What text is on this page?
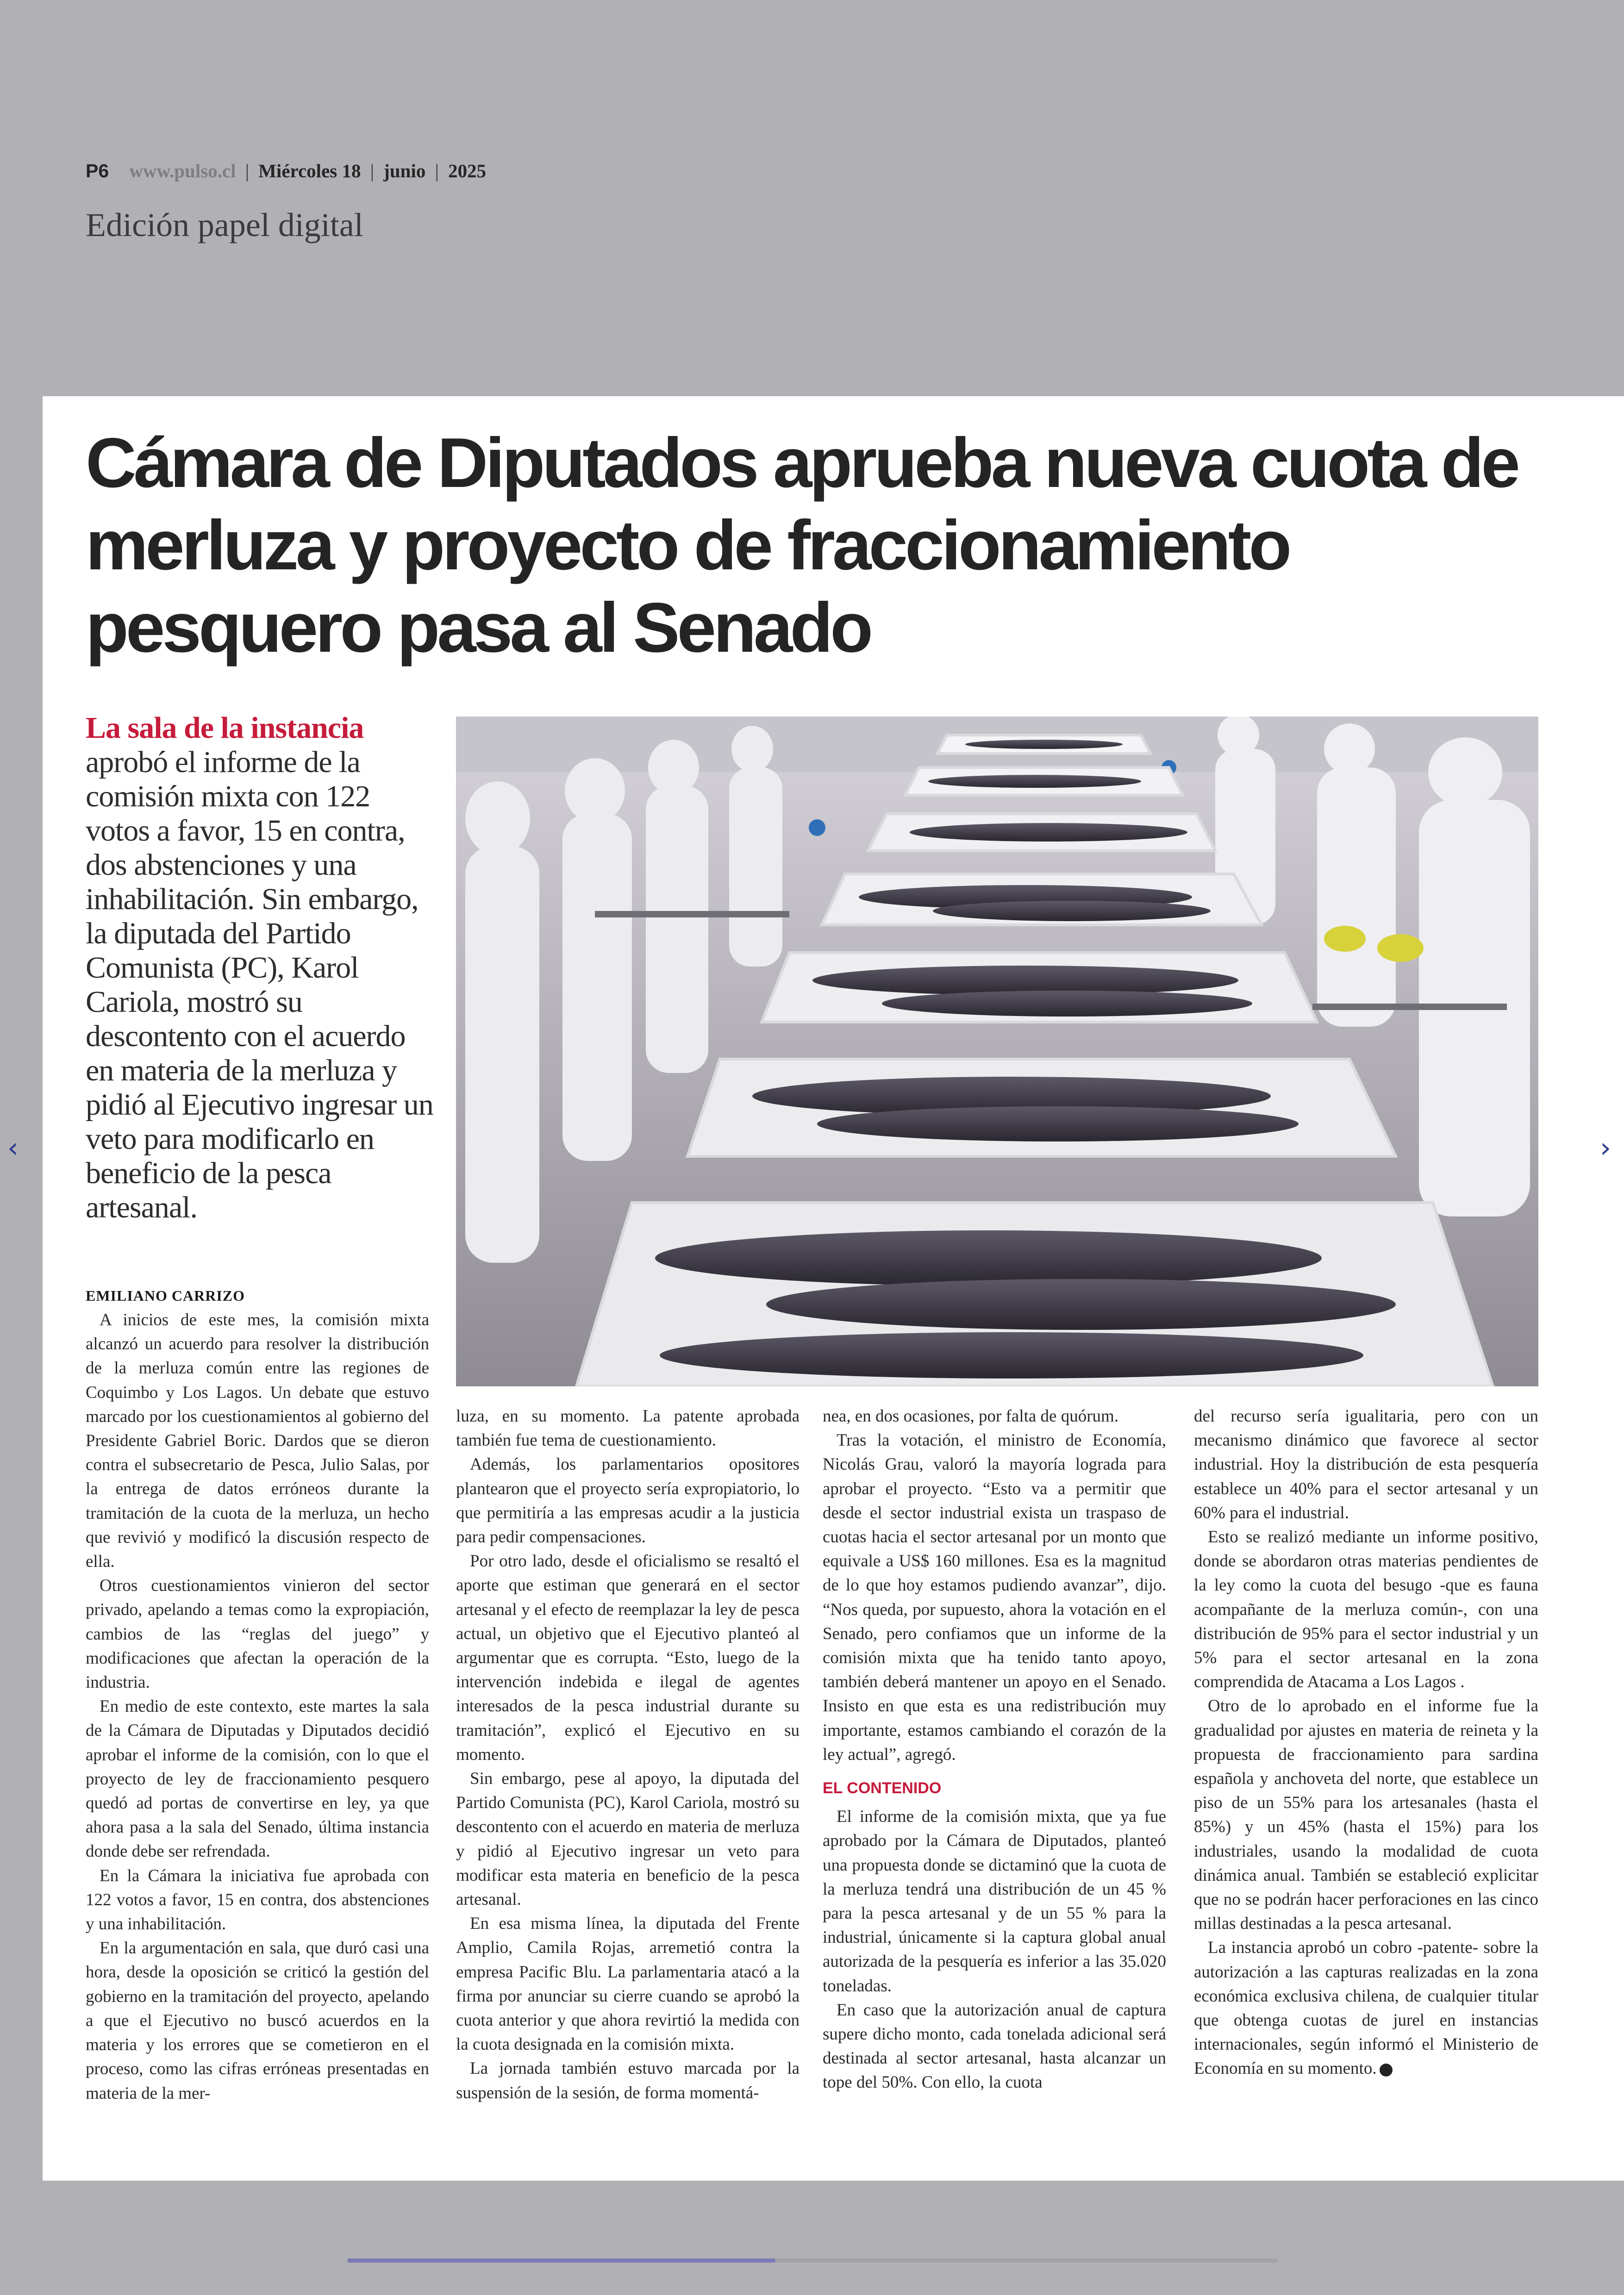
P6 www.pulso.cl | Miércoles 18 | junio | 2025
Edición papel digital
Cámara de Diputados aprueba nueva cuota de merluza y proyecto de fraccionamiento pesquero pasa al Senado
La sala de la instancia aprobó el informe de la comisión mixta con 122 votos a favor, 15 en contra, dos abstenciones y una inhabilitación. Sin embargo, la diputada del Partido Comunista (PC), Karol Cariola, mostró su descontento con el acuerdo en materia de la merluza y pidió al Ejecutivo ingresar un veto para modificarlo en beneficio de la pesca artesanal.
EMILIANO CARRIZO

A inicios de este mes, la comisión mixta alcanzó un acuerdo para resolver la distribución de la merluza común entre las regiones de Coquimbo y Los Lagos. Un debate que estuvo marcado por los cuestionamientos al gobierno del Presidente Gabriel Boric. Dardos que se dieron contra el subsecretario de Pesca, Julio Salas, por la entrega de datos erróneos durante la tramitación de la cuota de la merluza, un hecho que revivió y modificó la discusión respecto de ella.

Otros cuestionamientos vinieron del sector privado, apelando a temas como la expropiación, cambios de las “reglas del juego” y modificaciones que afectan la operación de la industria.

En medio de este contexto, este martes la sala de la Cámara de Diputadas y Diputados decidió aprobar el informe de la comisión, con lo que el proyecto de ley de fraccionamiento pesquero quedó ad portas de convertirse en ley, ya que ahora pasa a la sala del Senado, última instancia donde debe ser refrendada.

En la Cámara la iniciativa fue aprobada con 122 votos a favor, 15 en contra, dos abstenciones y una inhabilitación.

En la argumentación en sala, que duró casi una hora, desde la oposición se criticó la gestión del gobierno en la tramitación del proyecto, apelando a que el Ejecutivo no buscó acuerdos en la materia y los errores que se cometieron en el proceso, como las cifras erróneas presentadas en materia de la mer-

luza, en su momento. La patente aprobada también fue tema de cuestionamiento.

Además, los parlamentarios opositores plantearon que el proyecto sería expropiatorio, lo que permitiría a las empresas acudir a la justicia para pedir compensaciones.

Por otro lado, desde el oficialismo se resaltó el aporte que estiman que generará en el sector artesanal y el efecto de reemplazar la ley de pesca actual, un objetivo que el Ejecutivo planteó al argumentar que es corrupta. “Esto, luego de la intervención indebida e ilegal de agentes interesados de la pesca industrial durante su tramitación”, explicó el Ejecutivo en su momento.

Sin embargo, pese al apoyo, la diputada del Partido Comunista (PC), Karol Cariola, mostró su descontento con el acuerdo en materia de merluza y pidió al Ejecutivo ingresar un veto para modificar esta materia en beneficio de la pesca artesanal.

En esa misma línea, la diputada del Frente Amplio, Camila Rojas, arremetió contra la empresa Pacific Blu. La parlamentaria atacó a la firma por anunciar su cierre cuando se aprobó la cuota anterior y que ahora revirtió la medida con la cuota designada en la comisión mixta.

La jornada también estuvo marcada por la suspensión de la sesión, de forma momentá-

nea, en dos ocasiones, por falta de quórum.

Tras la votación, el ministro de Economía, Nicolás Grau, valoró la mayoría lograda para aprobar el proyecto. “Esto va a permitir que desde el sector industrial exista un traspaso de cuotas hacia el sector artesanal por un monto que equivale a US$ 160 millones. Esa es la magnitud de lo que hoy estamos pudiendo avanzar”, dijo. “Nos queda, por supuesto, ahora la votación en el Senado, pero confiamos que un informe de la comisión mixta que ha tenido tanto apoyo, también deberá mantener un apoyo en el Senado. Insisto en que esta es una redistribución muy importante, estamos cambiando el corazón de la ley actual”, agregó.

EL CONTENIDO

El informe de la comisión mixta, que ya fue aprobado por la Cámara de Diputados, planteó una propuesta donde se dictaminó que la cuota de la merluza tendrá una distribución de un 45 % para la pesca artesanal y de un 55 % para la industrial, únicamente si la captura global anual autorizada de la pesquería es inferior a las 35.020 toneladas.

En caso que la autorización anual de captura supere dicho monto, cada tonelada adicional será destinada al sector artesanal, hasta alcanzar un tope del 50%. Con ello, la cuota

del recurso sería igualitaria, pero con un mecanismo dinámico que favorece al sector industrial. Hoy la distribución de esta pesquería establece un 40% para el sector artesanal y un 60% para el industrial.

Esto se realizó mediante un informe positivo, donde se abordaron otras materias pendientes de la ley como la cuota del besugo -que es fauna acompañante de la merluza común-, con una distribución de 95% para el sector industrial y un 5% para el sector artesanal en la zona comprendida de Atacama a Los Lagos .

Otro de lo aprobado en el informe fue la gradualidad por ajustes en materia de reineta y la propuesta de fraccionamiento para sardina española y anchoveta del norte, que establece un piso de un 55% para los artesanales (hasta el 85%) y un 45% (hasta el 15%) para los industriales, usando la modalidad de cuota dinámica anual. También se estableció explicitar que no se podrán hacer perforaciones en las cinco millas destinadas a la pesca artesanal.

La instancia aprobó un cobro -patente- sobre la autorización a las capturas realizadas en la zona económica exclusiva chilena, de cualquier titular que obtenga cuotas de jurel en instancias internacionales, según informó el Ministerio de Economía en su momento.

‹	›
